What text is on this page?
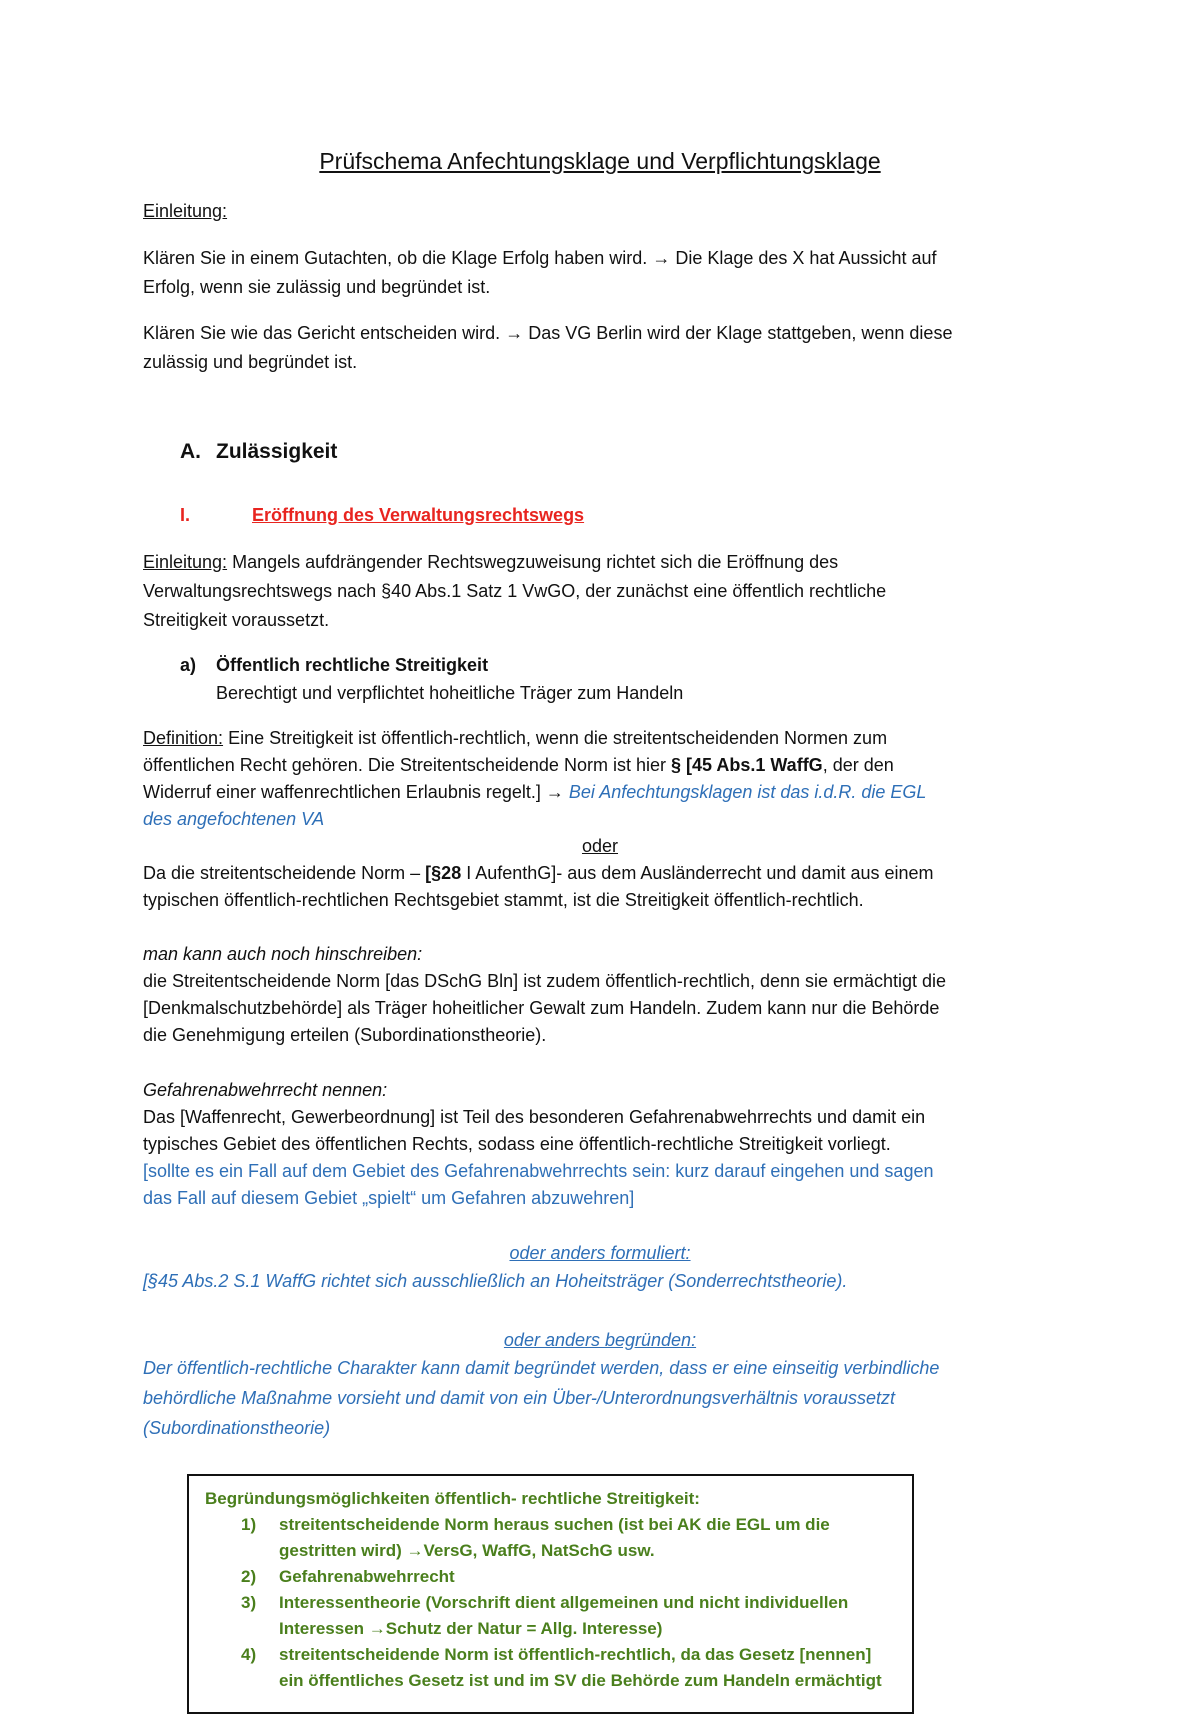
Prüfschema Anfechtungsklage und Verpflichtungsklage
Einleitung:
Klären Sie in einem Gutachten, ob die Klage Erfolg haben wird. → Die Klage des X hat Aussicht auf
Erfolg, wenn sie zulässig und begründet ist.
Klären Sie wie das Gericht entscheiden wird. → Das VG Berlin wird der Klage stattgeben, wenn diese
zulässig und begründet ist.
A. Zulässigkeit
I.	Eröffnung des Verwaltungsrechtswegs
Einleitung: Mangels aufdrängender Rechtswegzuweisung richtet sich die Eröffnung des
Verwaltungsrechtswegs nach §40 Abs.1 Satz 1 VwGO, der zunächst eine öffentlich rechtliche
Streitigkeit voraussetzt.
a) Öffentlich rechtliche Streitigkeit
Berechtigt und verpflichtet hoheitliche Träger zum Handeln
Definition: Eine Streitigkeit ist öffentlich-rechtlich, wenn die streitentscheidenden Normen zum
öffentlichen Recht gehören. Die Streitentscheidende Norm ist hier § [45 Abs.1 WaffG, der den
Widerruf einer waffenrechtlichen Erlaubnis regelt.] → Bei Anfechtungsklagen ist das i.d.R. die EGL
des angefochtenen VA
oder
Da die streitentscheidende Norm – [§28 I AufenthG]- aus dem Ausländerrecht und damit aus einem
typischen öffentlich-rechtlichen Rechtsgebiet stammt, ist die Streitigkeit öffentlich-rechtlich.
man kann auch noch hinschreiben:
die Streitentscheidende Norm [das DSchG Bln] ist zudem öffentlich-rechtlich, denn sie ermächtigt die
[Denkmalschutzbehörde] als Träger hoheitlicher Gewalt zum Handeln. Zudem kann nur die Behörde
die Genehmigung erteilen (Subordinationstheorie).
Gefahrenabwehrrecht nennen:
Das [Waffenrecht, Gewerbeordnung] ist Teil des besonderen Gefahrenabwehrrechts und damit ein
typisches Gebiet des öffentlichen Rechts, sodass eine öffentlich-rechtliche Streitigkeit vorliegt.
[sollte es ein Fall auf dem Gebiet des Gefahrenabwehrrechts sein: kurz darauf eingehen und sagen
das Fall auf diesem Gebiet „spielt“ um Gefahren abzuwehren]
oder anders formuliert:
[§45 Abs.2 S.1 WaffG richtet sich ausschließlich an Hoheitsträger (Sonderrechtstheorie).
oder anders begründen:
Der öffentlich-rechtliche Charakter kann damit begründet werden, dass er eine einseitig verbindliche
behördliche Maßnahme vorsieht und damit von ein Über-/Unterordnungsverhältnis voraussetzt
(Subordinationstheorie)
Begründungsmöglichkeiten öffentlich- rechtliche Streitigkeit:
1) streitentscheidende Norm heraus suchen (ist bei AK die EGL um die
gestritten wird) →VersG, WaffG, NatSchG usw.
2) Gefahrenabwehrrecht
3) Interessentheorie (Vorschrift dient allgemeinen und nicht individuellen
Interessen →Schutz der Natur = Allg. Interesse)
4) streitentscheidende Norm ist öffentlich-rechtlich, da das Gesetz [nennen]
ein öffentliches Gesetz ist und im SV die Behörde zum Handeln ermächtigt
